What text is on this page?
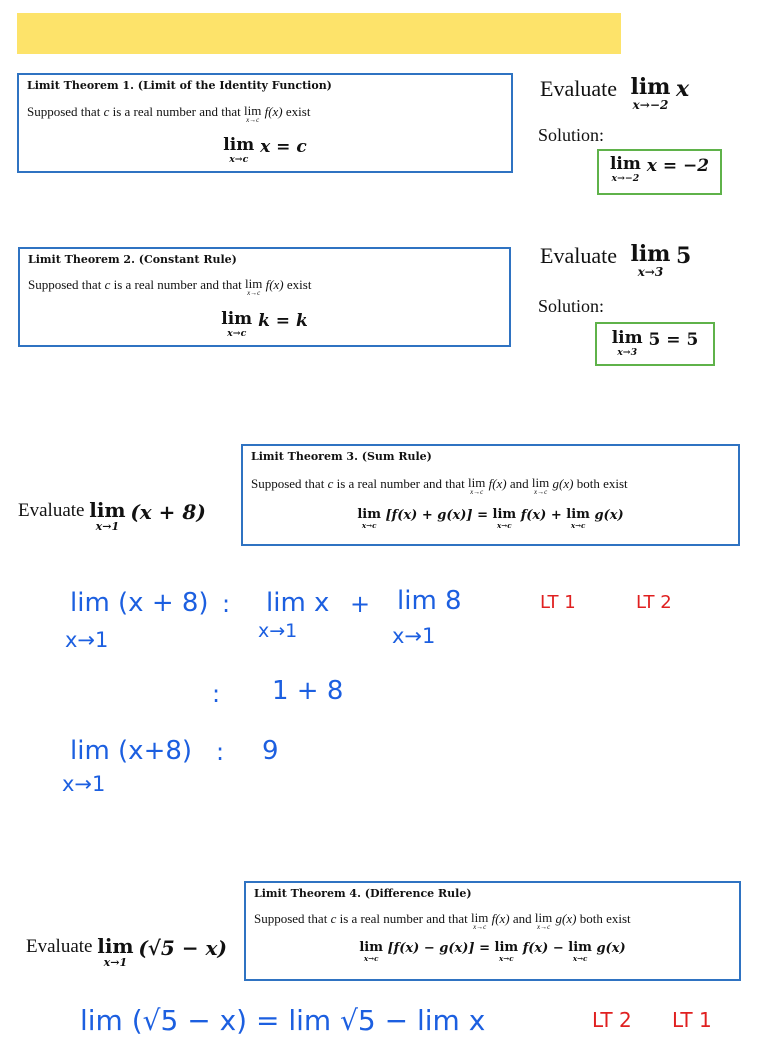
Limit Theorem 1. (Limit of the Identity Function)
Supposed that c is a real number and that lim
x→c
f(x) exist
lim
x→c
x = c
Evaluate lim
x→−2
x
Solution:
lim
x→−2
x = −2
Limit Theorem 2. (Constant Rule)
Supposed that c is a real number and that lim
x→c
f(x) exist
lim
x→c
k = k
Evaluate lim
x→3
5
Solution:
lim
x→3
5 = 5
Evaluate lim
x→1
(x + 8)
Limit Theorem 3. (Sum Rule)
Supposed that c is a real number and that lim
x→c
f(x) and lim
x→c
g(x) both exist
lim
x→c
[f(x) + g(x)] = lim
x→c
f(x) + lim
x→c
g(x)
lim (x + 8)
x→1
: lim x
x→1
+ lim 8
x→1
LT 1	LT 2
: 1 + 8
lim (x+8)
x→1
: 9
Evaluate lim
x→1
(√5 − x)
Limit Theorem 4. (Difference Rule)
Supposed that c is a real number and that lim
x→c
f(x) and lim
x→c
g(x) both exist
lim
x→c
[f(x) − g(x)] = lim
x→c
f(x) − lim
x→c
g(x)
lim (√5 − x) = lim √5 − lim x	LT 2 LT 1
